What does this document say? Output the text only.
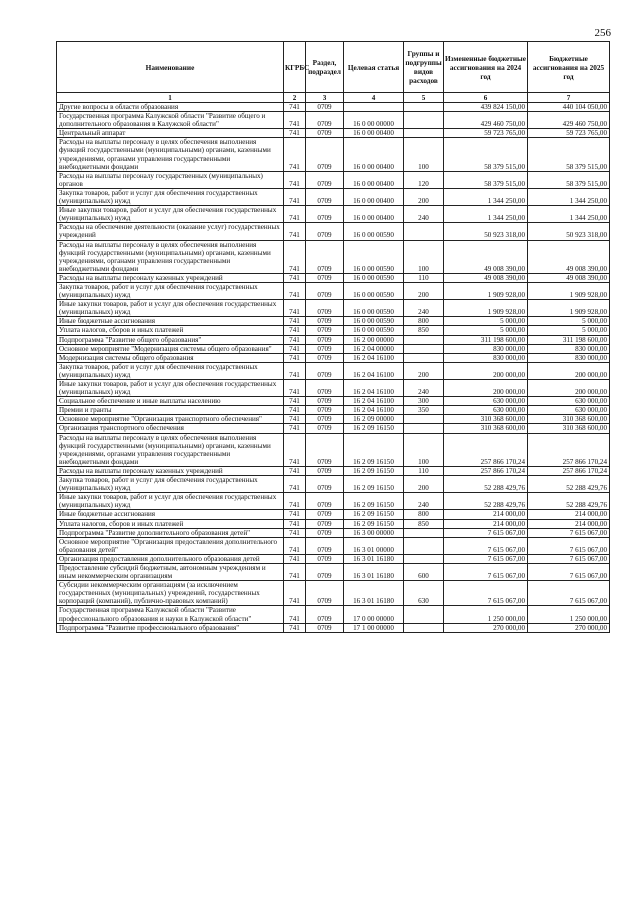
256
Наименование	КГРБС	Раздел, подраздел	Целевая статья	Группы и подгруппы видов расходов	Измененные бюджетные ассигнования на 2024 год	Бюджетные ассигнования на 2025 год
1	2	3	4	5	6	7
Другие вопросы в области образования	741	0709			439 824 150,00	440 104 050,00
Государственная программа Калужской области "Развитие общего и дополнительного образования в Калужской области"	741	0709	16 0 00 00000		429 460 750,00	429 460 750,00
Центральный аппарат	741	0709	16 0 00 00400		59 723 765,00	59 723 765,00
Расходы на выплаты персоналу в целях обеспечения выполнения функций государственными (муниципальными) органами, казенными учреждениями, органами управления государственными внебюджетными фондами	741	0709	16 0 00 00400	100	58 379 515,00	58 379 515,00
Расходы на выплаты персоналу государственных (муниципальных) органов	741	0709	16 0 00 00400	120	58 379 515,00	58 379 515,00
Закупка товаров, работ и услуг для обеспечения государственных (муниципальных) нужд	741	0709	16 0 00 00400	200	1 344 250,00	1 344 250,00
Иные закупки товаров, работ и услуг для обеспечения государственных (муниципальных) нужд	741	0709	16 0 00 00400	240	1 344 250,00	1 344 250,00
Расходы на обеспечение деятельности (оказание услуг) государственных учреждений	741	0709	16 0 00 00590		50 923 318,00	50 923 318,00
Расходы на выплаты персоналу в целях обеспечения выполнения функций государственными (муниципальными) органами, казенными учреждениями, органами управления государственными внебюджетными фондами	741	0709	16 0 00 00590	100	49 008 390,00	49 008 390,00
Расходы на выплаты персоналу казенных учреждений	741	0709	16 0 00 00590	110	49 008 390,00	49 008 390,00
Закупка товаров, работ и услуг для обеспечения государственных (муниципальных) нужд	741	0709	16 0 00 00590	200	1 909 928,00	1 909 928,00
Иные закупки товаров, работ и услуг для обеспечения государственных (муниципальных) нужд	741	0709	16 0 00 00590	240	1 909 928,00	1 909 928,00
Иные бюджетные ассигнования	741	0709	16 0 00 00590	800	5 000,00	5 000,00
Уплата налогов, сборов и иных платежей	741	0709	16 0 00 00590	850	5 000,00	5 000,00
Подпрограмма "Развитие общего образования"	741	0709	16 2 00 00000		311 198 600,00	311 198 600,00
Основное мероприятие "Модернизация системы общего образования"	741	0709	16 2 04 00000		830 000,00	830 000,00
Модернизация системы общего образования	741	0709	16 2 04 16100		830 000,00	830 000,00
Закупка товаров, работ и услуг для обеспечения государственных (муниципальных) нужд	741	0709	16 2 04 16100	200	200 000,00	200 000,00
Иные закупки товаров, работ и услуг для обеспечения государственных (муниципальных) нужд	741	0709	16 2 04 16100	240	200 000,00	200 000,00
Социальное обеспечение и иные выплаты населению	741	0709	16 2 04 16100	300	630 000,00	630 000,00
Премии и гранты	741	0709	16 2 04 16100	350	630 000,00	630 000,00
Основное мероприятие "Организация транспортного обеспечения"	741	0709	16 2 09 00000		310 368 600,00	310 368 600,00
Организация транспортного обеспечения	741	0709	16 2 09 16150		310 368 600,00	310 368 600,00
Расходы на выплаты персоналу в целях обеспечения выполнения функций государственными (муниципальными) органами, казенными учреждениями, органами управления государственными внебюджетными фондами	741	0709	16 2 09 16150	100	257 866 170,24	257 866 170,24
Расходы на выплаты персоналу казенных учреждений	741	0709	16 2 09 16150	110	257 866 170,24	257 866 170,24
Закупка товаров, работ и услуг для обеспечения государственных (муниципальных) нужд	741	0709	16 2 09 16150	200	52 288 429,76	52 288 429,76
Иные закупки товаров, работ и услуг для обеспечения государственных (муниципальных) нужд	741	0709	16 2 09 16150	240	52 288 429,76	52 288 429,76
Иные бюджетные ассигнования	741	0709	16 2 09 16150	800	214 000,00	214 000,00
Уплата налогов, сборов и иных платежей	741	0709	16 2 09 16150	850	214 000,00	214 000,00
Подпрограмма "Развитие дополнительного образования детей"	741	0709	16 3 00 00000		7 615 067,00	7 615 067,00
Основное мероприятие "Организация предоставления дополнительного образования детей"	741	0709	16 3 01 00000		7 615 067,00	7 615 067,00
Организация предоставления дополнительного образования детей	741	0709	16 3 01 16180		7 615 067,00	7 615 067,00
Предоставление субсидий бюджетным, автономным учреждениям и иным некоммерческим организациям	741	0709	16 3 01 16180	600	7 615 067,00	7 615 067,00
Субсидии некоммерческим организациям (за исключением государственных (муниципальных) учреждений, государственных корпораций (компаний), публично-правовых компаний)	741	0709	16 3 01 16180	630	7 615 067,00	7 615 067,00
Государственная программа Калужской области "Развитие профессионального образования и науки в Калужской области"	741	0709	17 0 00 00000		1 250 000,00	1 250 000,00
Подпрограмма "Развитие профессионального образования"	741	0709	17 1 00 00000		270 000,00	270 000,00
